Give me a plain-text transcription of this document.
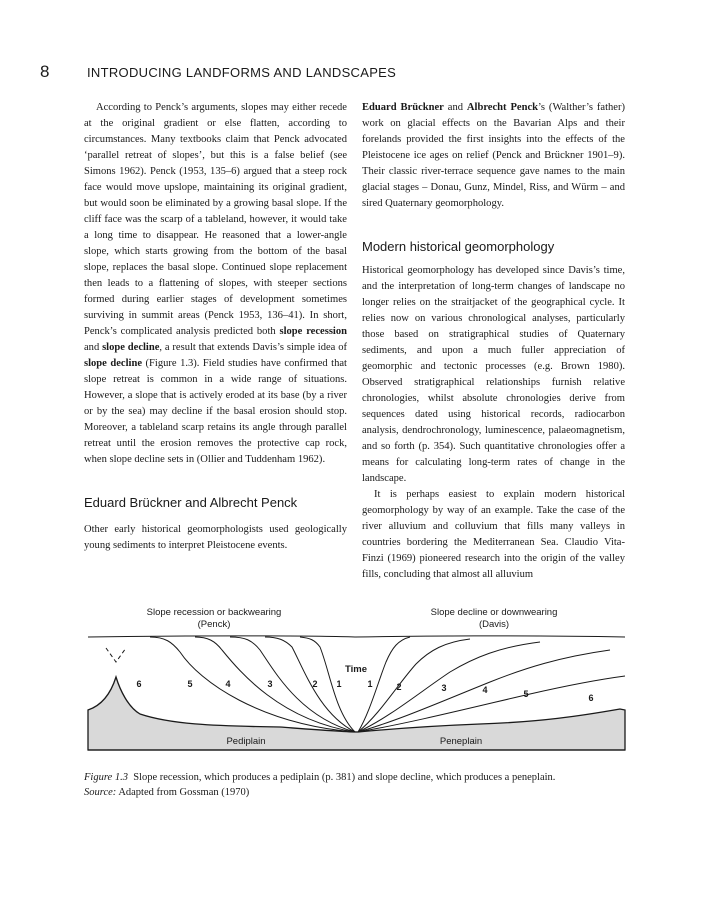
8	INTRODUCING LANDFORMS AND LANDSCAPES

According to Penck’s arguments, slopes may either recede at the original gradient or else flatten, according to circumstances. Many textbooks claim that Penck advocated ‘parallel retreat of slopes’, but this is a false belief (see Simons 1962). Penck (1953, 135–6) argued that a steep rock face would move upslope, maintaining its original gradient, but would soon be eliminated by a growing basal slope. If the cliff face was the scarp of a tableland, however, it would take a long time to disappear. He reasoned that a lower-angle slope, which starts growing from the bottom of the basal slope, replaces the basal slope. Continued slope replacement then leads to a flattening of slopes, with steeper sections formed during earlier stages of development sometimes surviving in summit areas (Penck 1953, 136–41). In short, Penck’s complicated analysis predicted both slope recession and slope decline, a result that extends Davis’s simple idea of slope decline (Figure 1.3). Field studies have confirmed that slope retreat is common in a wide range of situations. However, a slope that is actively eroded at its base (by a river or by the sea) may decline if the basal erosion should stop. Moreover, a tableland scarp retains its angle through parallel retreat until the erosion removes the protective cap rock, when slope decline sets in (Ollier and Tuddenham 1962).

Eduard Brückner and Albrecht Penck

Other early historical geomorphologists used geologically young sediments to interpret Pleistocene events.

Eduard Brückner and Albrecht Penck’s (Walther’s father) work on glacial effects on the Bavarian Alps and their forelands provided the first insights into the effects of the Pleistocene ice ages on relief (Penck and Brückner 1901–9). Their classic river-terrace sequence gave names to the main glacial stages – Donau, Gunz, Mindel, Riss, and Würm – and sired Quaternary geomorphology.

Modern historical geomorphology

Historical geomorphology has developed since Davis’s time, and the interpretation of long-term changes of landscape no longer relies on the straitjacket of the geographical cycle. It relies now on various chronological analyses, particularly those based on stratigraphical studies of Quaternary sediments, and upon a much fuller appreciation of geomorphic and tectonic processes (e.g. Brown 1980). Observed stratigraphical relationships furnish relative chronologies, whilst absolute chronologies derive from sequences dated using historical records, radiocarbon analysis, dendrochronology, luminescence, palaeomagnetism, and so forth (p. 354). Such quantitative chronologies offer a means for calculating long-term rates of change in the landscape.

It is perhaps easiest to explain modern historical geomorphology by way of an example. Take the case of the river alluvium and colluvium that fills many valleys in countries bordering the Mediterranean Sea. Claudio Vita-Finzi (1969) pioneered research into the origin of the valley fills, concluding that almost all alluvium

Slope recession or backwearing
(Penck)
Slope decline or downwearing
(Davis)
Time
6	5	4	3	2 1	1	2	3	4	5	6
Pediplain	Peneplain
Figure 1.3 Slope recession, which produces a pediplain (p. 381) and slope decline, which produces a peneplain.
Source: Adapted from Gossman (1970)
